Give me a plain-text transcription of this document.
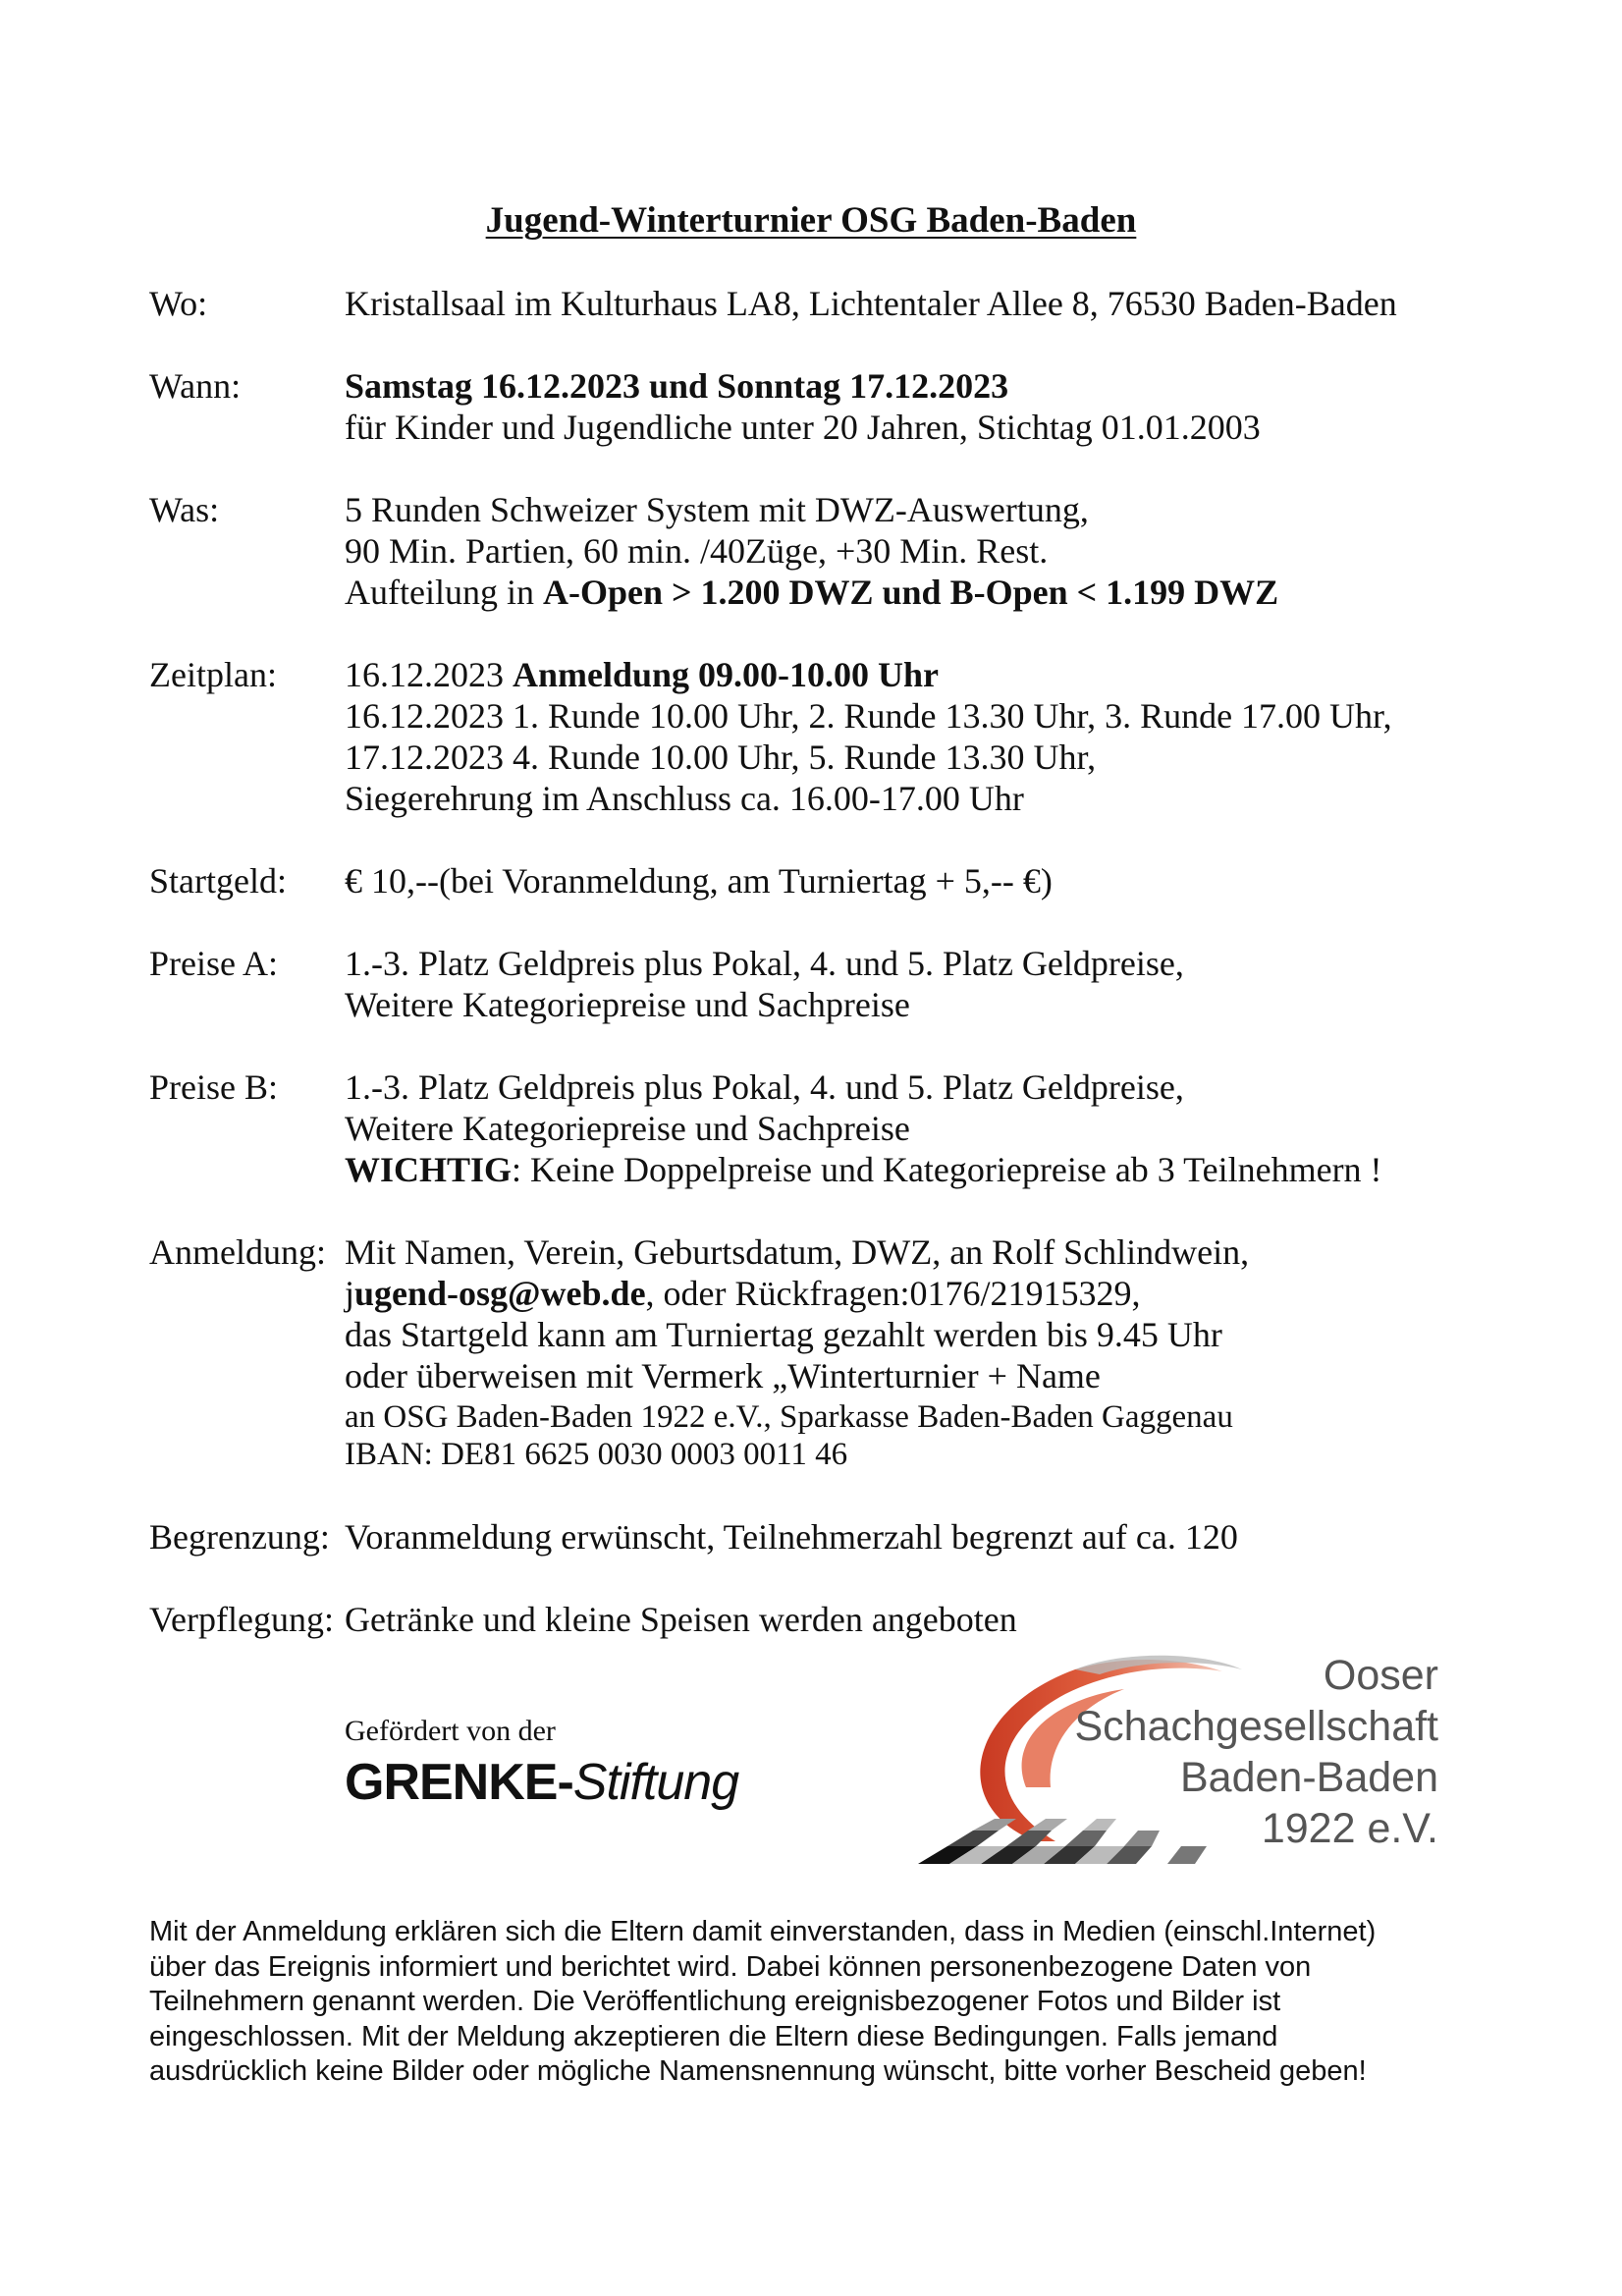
Jugend-Winterturnier OSG Baden-Baden
Wo:	Kristallsaal im Kulturhaus LA8, Lichtentaler Allee 8, 76530 Baden-Baden
Wann:	Samstag 16.12.2023 und Sonntag 17.12.2023
für Kinder und Jugendliche unter 20 Jahren, Stichtag 01.01.2003
Was:	5 Runden Schweizer System mit DWZ-Auswertung,
90 Min. Partien, 60 min. /40Züge, +30 Min. Rest.
Aufteilung in A-Open > 1.200 DWZ und B-Open < 1.199 DWZ
Zeitplan: 16.12.2023 Anmeldung 09.00-10.00 Uhr
16.12.2023 1. Runde 10.00 Uhr, 2. Runde 13.30 Uhr, 3. Runde 17.00 Uhr,
17.12.2023 4. Runde 10.00 Uhr, 5. Runde 13.30 Uhr,
Siegerehrung im Anschluss ca. 16.00-17.00 Uhr
Startgeld: € 10,--(bei Voranmeldung, am Turniertag + 5,-- €)
Preise A: 1.-3. Platz Geldpreis plus Pokal, 4. und 5. Platz Geldpreise,
Weitere Kategoriepreise und Sachpreise
Preise B: 1.-3. Platz Geldpreis plus Pokal, 4. und 5. Platz Geldpreise,
Weitere Kategoriepreise und Sachpreise
WICHTIG: Keine Doppelpreise und Kategoriepreise ab 3 Teilnehmern !
Anmeldung: Mit Namen, Verein, Geburtsdatum, DWZ, an Rolf Schlindwein,
jugend-osg@web.de, oder Rückfragen:0176/21915329,
das Startgeld kann am Turniertag gezahlt werden bis 9.45 Uhr
oder überweisen mit Vermerk „Winterturnier + Name
an OSG Baden-Baden 1922 e.V., Sparkasse Baden-Baden Gaggenau
IBAN: DE81 6625 0030 0003 0011 46
Begrenzung: Voranmeldung erwünscht, Teilnehmerzahl begrenzt auf ca. 120
Verpflegung: Getränke und kleine Speisen werden angeboten
Gefördert von der
GRENKE-Stiftung
Ooser
Schachgesellschaft
Baden-Baden
1922 e.V.
Mit der Anmeldung erklären sich die Eltern damit einverstanden, dass in Medien (einschl.Internet)
über das Ereignis informiert und berichtet wird. Dabei können personenbezogene Daten von
Teilnehmern genannt werden. Die Veröffentlichung ereignisbezogener Fotos und Bilder ist
eingeschlossen. Mit der Meldung akzeptieren die Eltern diese Bedingungen. Falls jemand
ausdrücklich keine Bilder oder mögliche Namensnennung wünscht, bitte vorher Bescheid geben!
